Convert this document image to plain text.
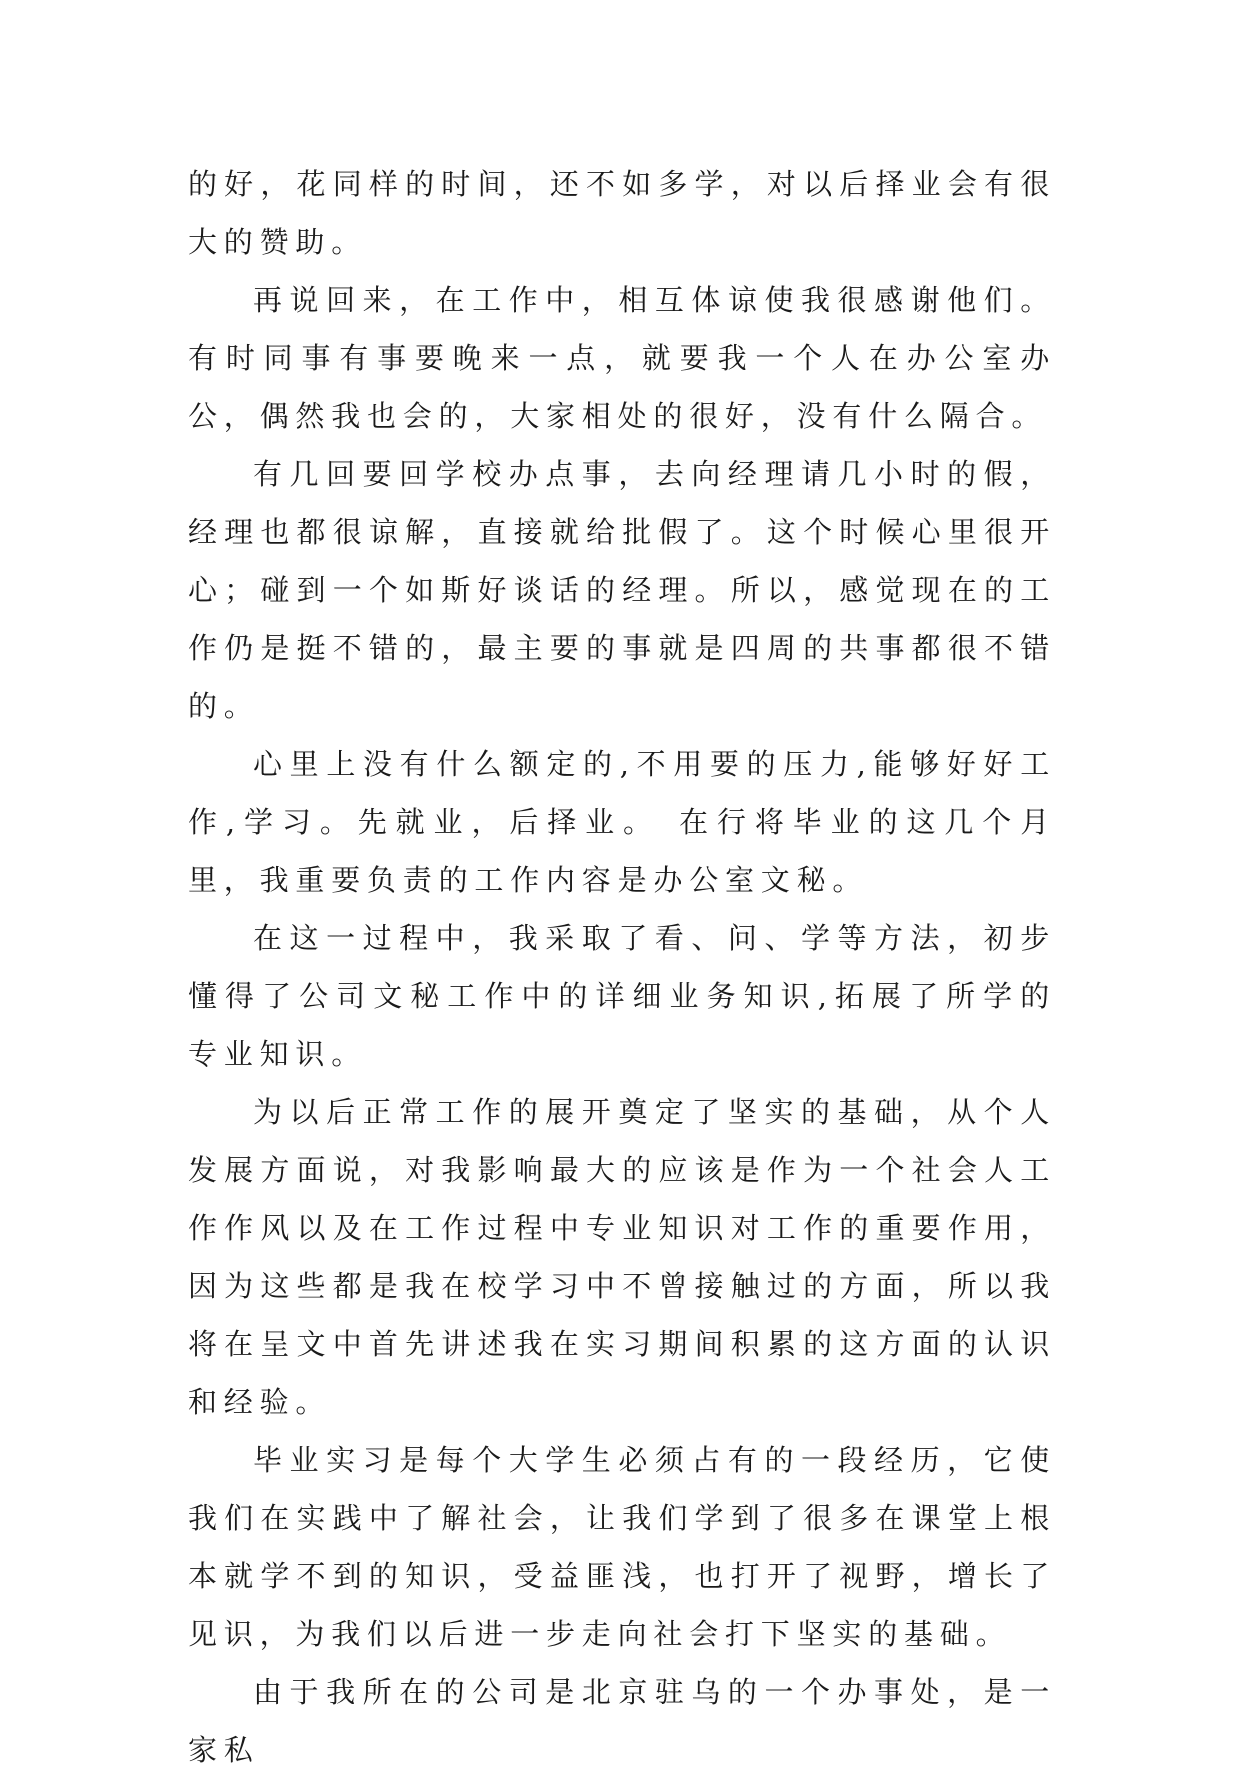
的好，花同样的时间，还不如多学，对以后择业会有很大的赞助。

再说回来，在工作中，相互体谅使我很感谢他们。有时同事有事要晚来一点，就要我一个人在办公室办公，偶然我也会的，大家相处的很好，没有什么隔合。

有几回要回学校办点事，去向经理请几小时的假，经理也都很谅解，直接就给批假了。这个时候心里很开心；碰到一个如斯好谈话的经理。所以，感觉现在的工作仍是挺不错的，最主要的事就是四周的共事都很不错的。

心里上没有什么额定的,不用要的压力,能够好好工作,学习。先就业，后择业。 在行将毕业的这几个月里，我重要负责的工作内容是办公室文秘。

在这一过程中，我采取了看、问、学等方法，初步懂得了公司文秘工作中的详细业务知识,拓展了所学的专业知识。

为以后正常工作的展开奠定了坚实的基础，从个人发展方面说，对我影响最大的应该是作为一个社会人工作作风以及在工作过程中专业知识对工作的重要作用，因为这些都是我在校学习中不曾接触过的方面，所以我将在呈文中首先讲述我在实习期间积累的这方面的认识和经验。

毕业实习是每个大学生必须占有的一段经历，它使我们在实践中了解社会，让我们学到了很多在课堂上根本就学不到的知识，受益匪浅，也打开了视野，增长了见识，为我们以后进一步走向社会打下坚实的基础。

由于我所在的公司是北京驻乌的一个办事处，是一家私
